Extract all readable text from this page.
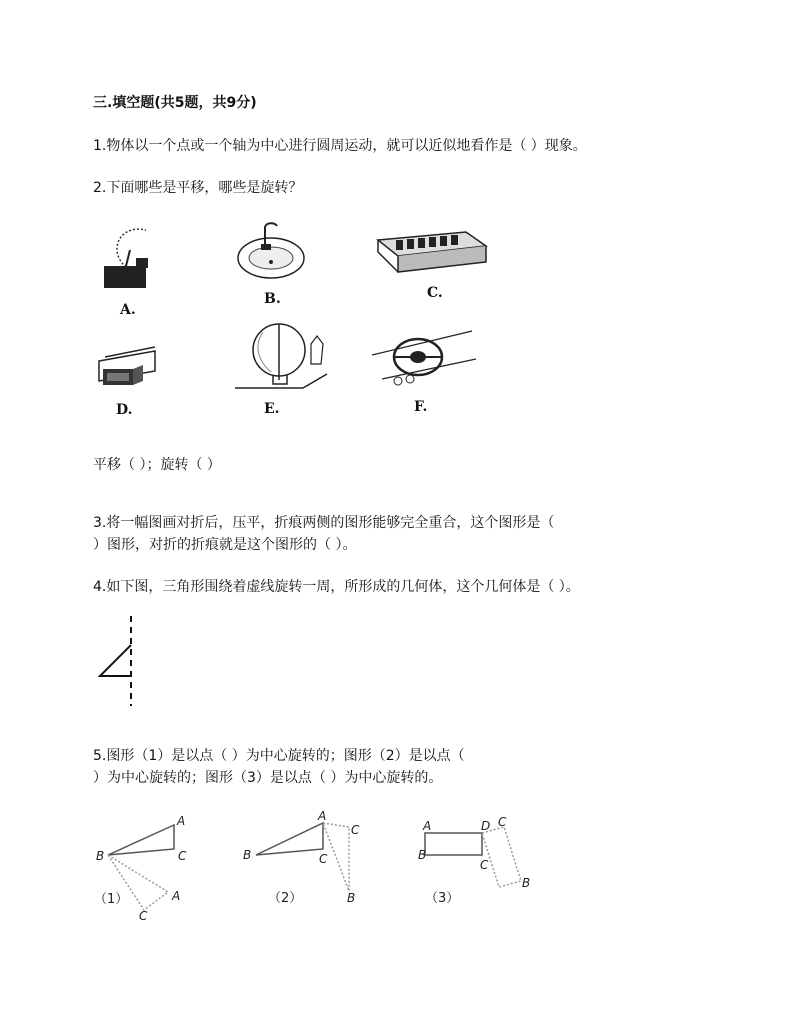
三.填空题(共5题，共9分)
1.物体以一个点或一个轴为中心进行圆周运动，就可以近似地看作是（ ）现象。
2.下面哪些是平移，哪些是旋转？
A.
B.	C.
D.	E.	F.
平移（ ）；旋转（ ）
3.将一幅图画对折后，压平，折痕两侧的图形能够完全重合，这个图形是（
）图形，对折的折痕就是这个图形的（ ）。
4.如下图，三角形围绕着虚线旋转一周，所形成的几何体，这个几何体是（ ）。
5.图形（1）是以点（ ）为中心旋转的；图形（2）是以点（
）为中心旋转的；图形（3）是以点（ ）为中心旋转的。
A
B	C
A
C
（1）
A
C
B	C
B
（2）
A	D C
B
C
B
（3）
